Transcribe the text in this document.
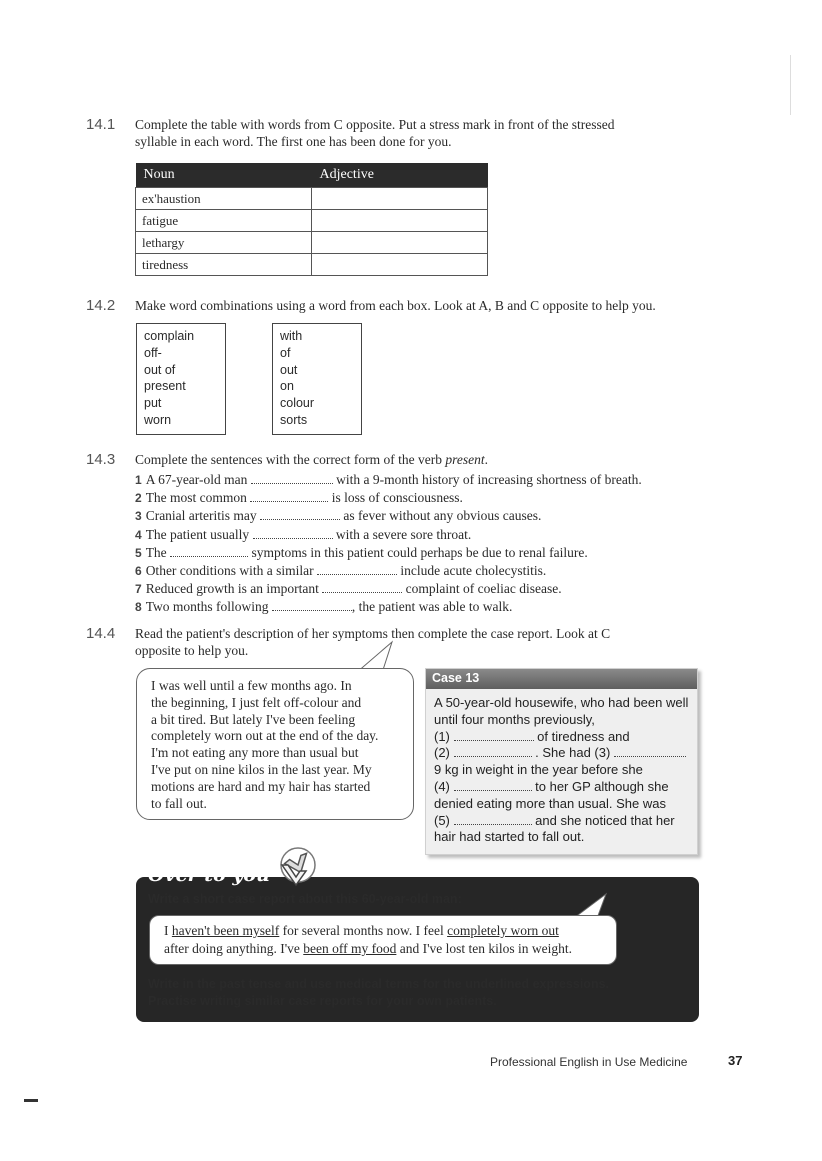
14.1 Complete the table with words from C opposite. Put a stress mark in front of the stressed
syllable in each word. The first one has been done for you.
Noun	Adjective
ex'haustion	
fatigue	
lethargy	
tiredness	
14.2 Make word combinations using a word from each box. Look at A, B and C opposite to help you.
complain
off-
out of
present
put
worn
with
of
out
on
colour
sorts
14.3 Complete the sentences with the correct form of the verb present.
1 A 67-year-old man	with a 9-month history of increasing shortness of breath.
2 The most common	is loss of consciousness.
3 Cranial arteritis may	as fever without any obvious causes.
4 The patient usually	with a severe sore throat.
5 The	symptoms in this patient could perhaps be due to renal failure.
6 Other conditions with a similar	include acute cholecystitis.
7 Reduced growth is an important	complaint of coeliac disease.
8 Two months following	, the patient was able to walk.
14.4 Read the patient's description of her symptoms then complete the case report. Look at C
opposite to help you.
I was well until a few months ago. In
the beginning, I just felt off-colour and
a bit tired. But lately I've been feeling
completely worn out at the end of the day.
I'm not eating any more than usual but
I've put on nine kilos in the last year. My
motions are hard and my hair has started
to fall out.
Case 13
A 50-year-old housewife, who had been well
until four months previously,
(1)	of tiredness and
(2)	. She had (3)
9 kg in weight in the year before she
(4)	to her GP although she
denied eating more than usual. She was
(5)	and she noticed that her
hair had started to fall out.
Over to you
Write a short case report about this 60-year-old man:
I haven't been myself for several months now. I feel completely worn out
after doing anything. I've been off my food and I've lost ten kilos in weight.
Write in the past tense and use medical terms for the underlined expressions.
Practise writing similar case reports for your own patients.
Professional English in Use Medicine	37
